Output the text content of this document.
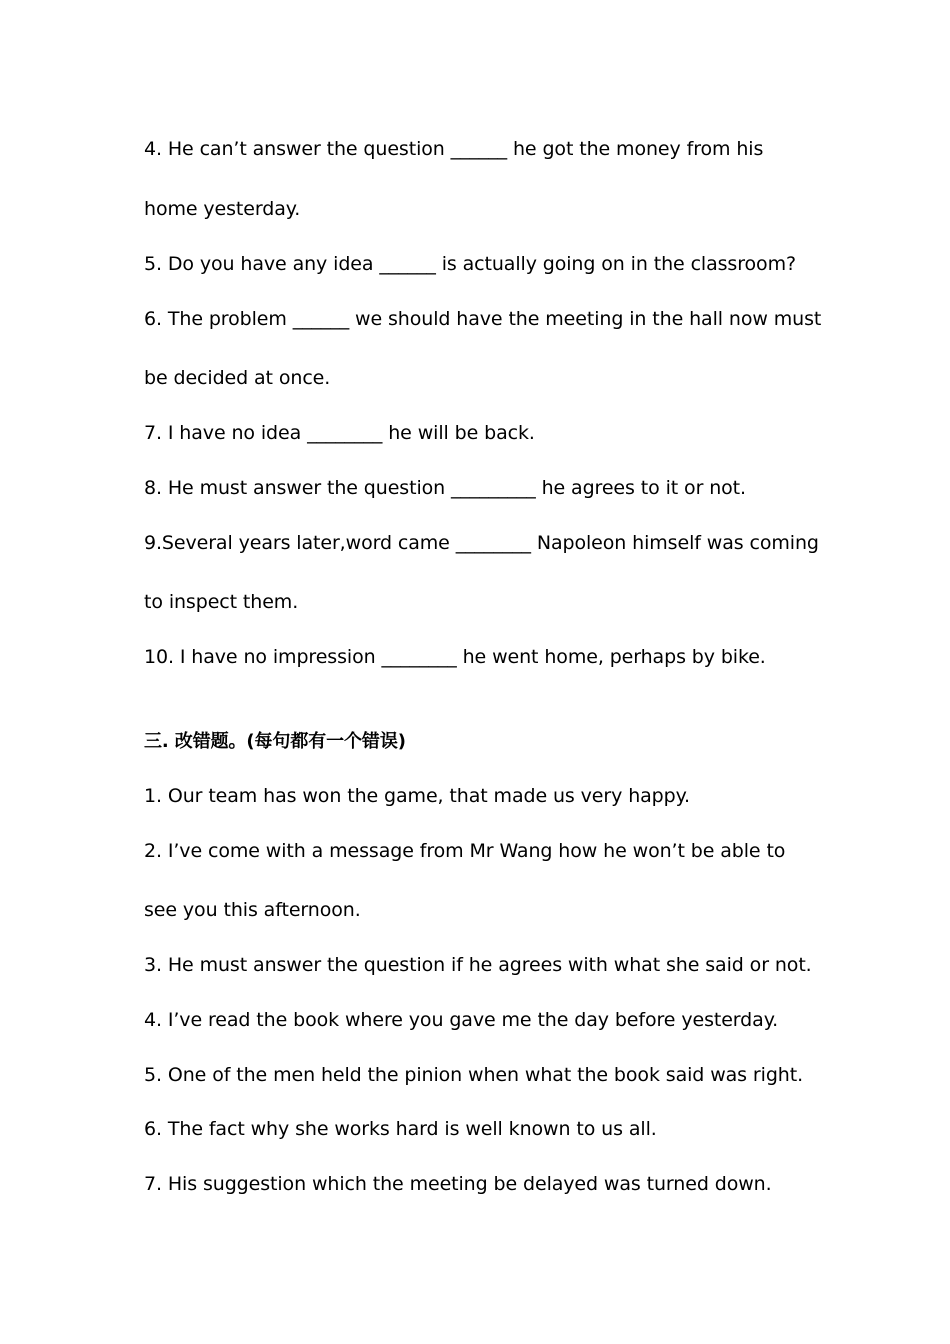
4. He can’t answer the question ______ he got the money from his
home yesterday.
5. Do you have any idea ______ is actually going on in the classroom?
6. The problem ______ we should have the meeting in the hall now must
be decided at once.
7. I have no idea ________ he will be back.
8. He must answer the question _________ he agrees to it or not.
9.Several years later,word came ________ Napoleon himself was coming
to inspect them.
10. I have no impression ________ he went home, perhaps by bike.
三. 改错题。(每句都有一个错误)
1. Our team has won the game, that made us very happy.
2. I’ve come with a message from Mr Wang how he won’t be able to
see you this afternoon.
3. He must answer the question if he agrees with what she said or not.
4. I’ve read the book where you gave me the day before yesterday.
5. One of the men held the pinion when what the book said was right.
6. The fact why she works hard is well known to us all.
7. His suggestion which the meeting be delayed was turned down.
